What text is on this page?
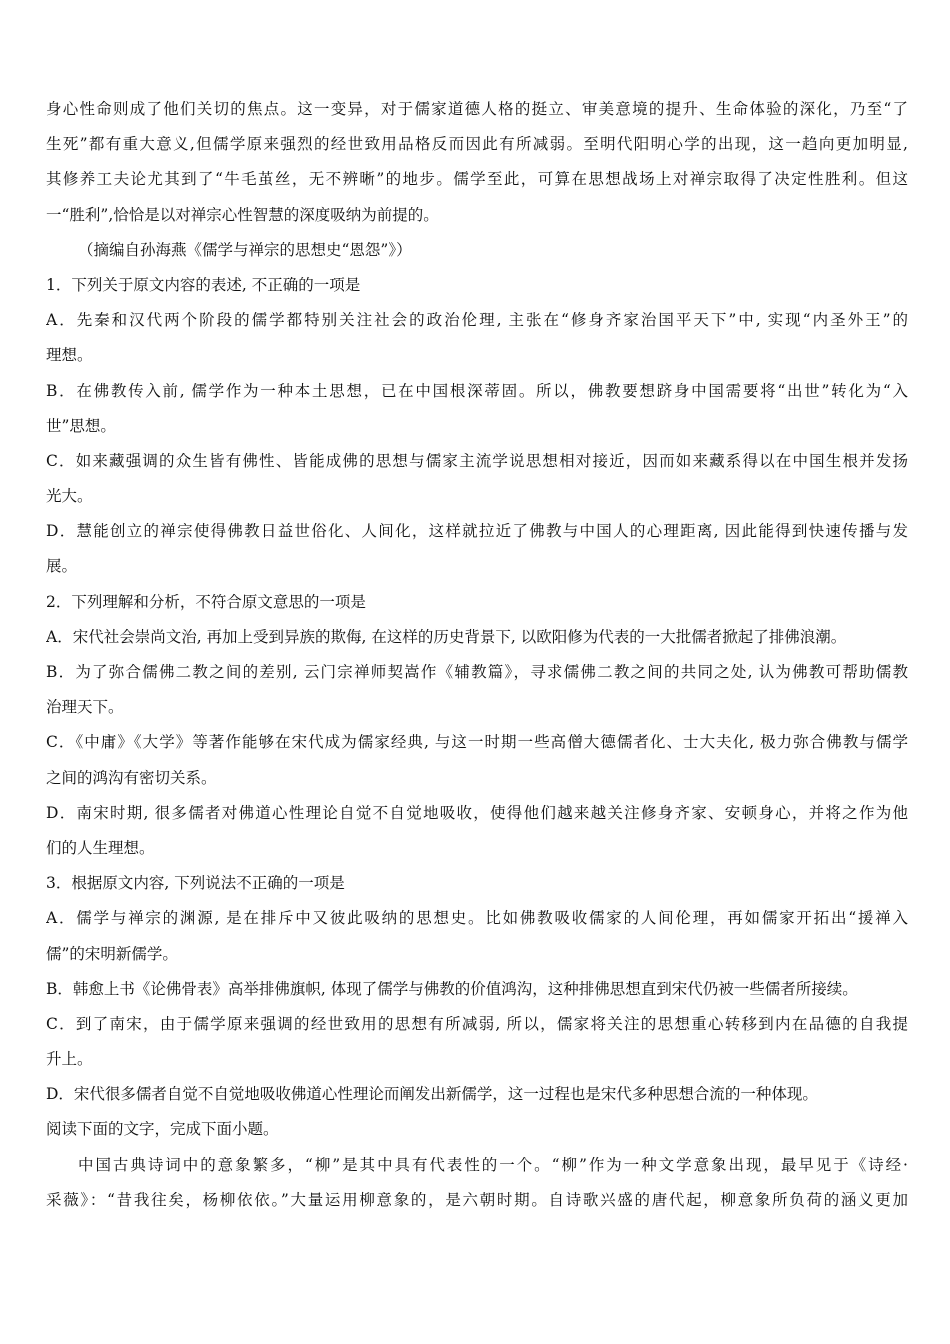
身心性命则成了他们关切的焦点。这一变异，对于儒家道德人格的挺立、审美意境的提升、生命体验的深化，乃至“了
生死”都有重大意义,但儒学原来强烈的经世致用品格反而因此有所减弱。至明代阳明心学的出现，这一趋向更加明显,
其修养工夫论尤其到了“牛毛茧丝，无不辨晰”的地步。儒学至此，可算在思想战场上对禅宗取得了决定性胜利。但这
一“胜利”,恰恰是以对禅宗心性智慧的深度吸纳为前提的。
（摘编自孙海燕《儒学与禅宗的思想史“恩怨”》）
1．下列关于原文内容的表述, 不正确的一项是
A．先秦和汉代两个阶段的儒学都特别关注社会的政治伦理, 主张在“修身齐家治国平天下”中, 实现“内圣外王”的
理想。
B．在佛教传入前, 儒学作为一种本土思想，已在中国根深蒂固。所以，佛教要想跻身中国需要将“出世”转化为“入
世”思想。
C．如来藏强调的众生皆有佛性、皆能成佛的思想与儒家主流学说思想相对接近，因而如来藏系得以在中国生根并发扬
光大。
D．慧能创立的禅宗使得佛教日益世俗化、人间化，这样就拉近了佛教与中国人的心理距离, 因此能得到快速传播与发
展。
2．下列理解和分析，不符合原文意思的一项是
A．宋代社会崇尚文治, 再加上受到异族的欺侮, 在这样的历史背景下, 以欧阳修为代表的一大批儒者掀起了排佛浪潮。
B．为了弥合儒佛二教之间的差别, 云门宗禅师契嵩作《辅教篇》，寻求儒佛二教之间的共同之处, 认为佛教可帮助儒教
治理天下。
C．《中庸》《大学》等著作能够在宋代成为儒家经典, 与这一时期一些高僧大德儒者化、士大夫化, 极力弥合佛教与儒学
之间的鸿沟有密切关系。
D．南宋时期, 很多儒者对佛道心性理论自觉不自觉地吸收，使得他们越来越关注修身齐家、安顿身心，并将之作为他
们的人生理想。
3．根据原文内容, 下列说法不正确的一项是
A．儒学与禅宗的渊源, 是在排斥中又彼此吸纳的思想史。比如佛教吸收儒家的人间伦理，再如儒家开拓出“援禅入
儒”的宋明新儒学。
B．韩愈上书《论佛骨表》高举排佛旗帜, 体现了儒学与佛教的价值鸿沟，这种排佛思想直到宋代仍被一些儒者所接续。
C．到了南宋，由于儒学原来强调的经世致用的思想有所减弱, 所以，儒家将关注的思想重心转移到内在品德的自我提
升上。
D．宋代很多儒者自觉不自觉地吸收佛道心性理论而阐发出新儒学，这一过程也是宋代多种思想合流的一种体现。
阅读下面的文字，完成下面小题。
中国古典诗词中的意象繁多，“柳”是其中具有代表性的一个。“柳”作为一种文学意象出现，最早见于《诗经·
采薇》：“昔我往矣，杨柳依依。”大量运用柳意象的，是六朝时期。自诗歌兴盛的唐代起，柳意象所负荷的涵义更加
